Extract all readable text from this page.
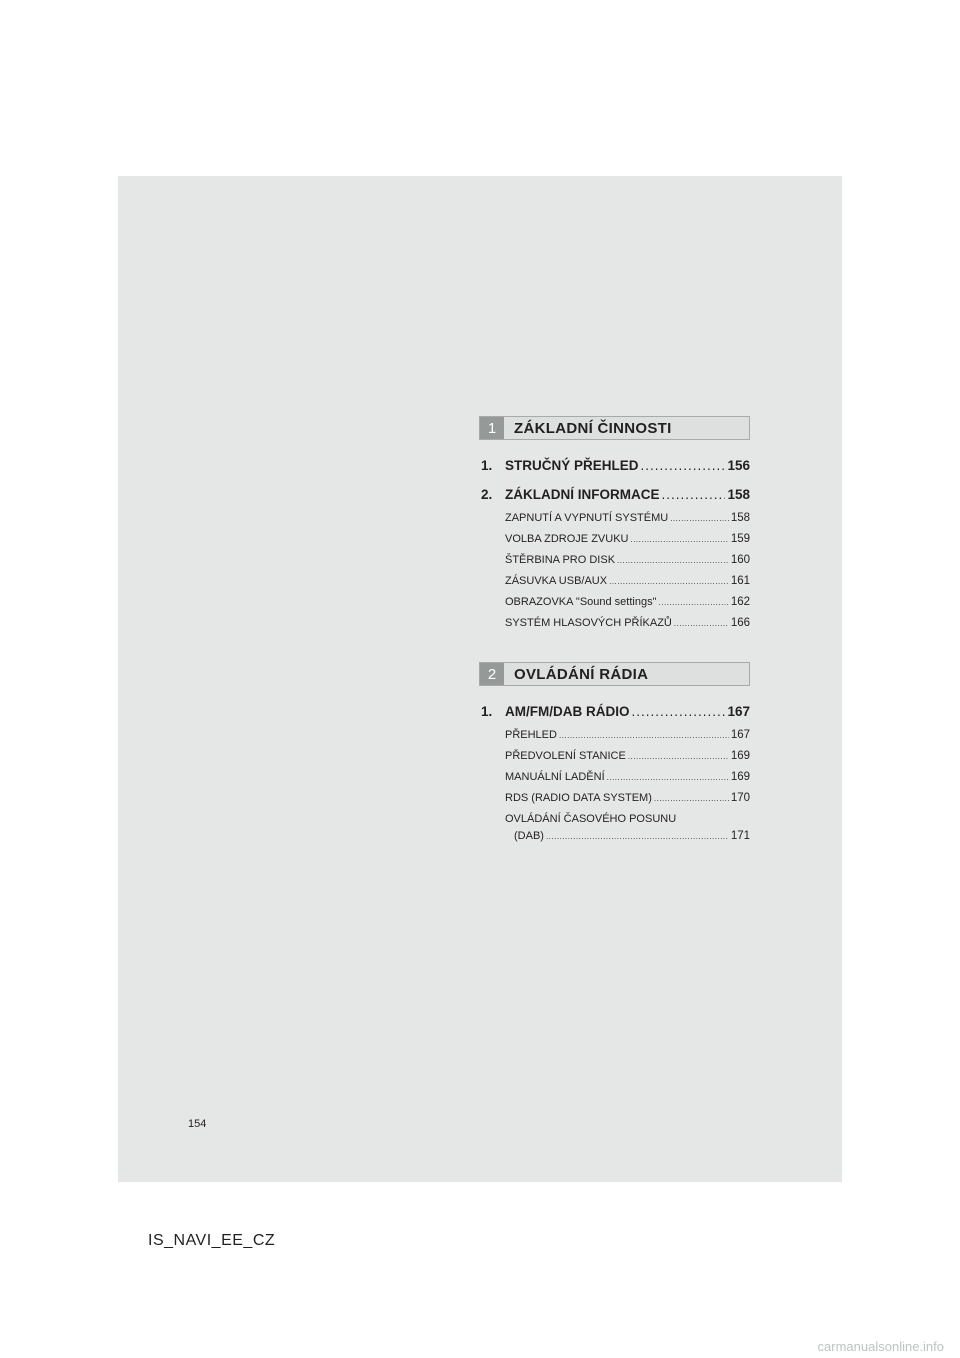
1	ZÁKLADNÍ ČINNOSTI
1. STRUČNÝ PŘEHLED .....	156
2. ZÁKLADNÍ INFORMACE .....	158
ZAPNUTÍ A VYPNUTÍ SYSTÉMU .....	158
VOLBA ZDROJE ZVUKU .....	159
ŠTĚRBINA PRO DISK .....	160
ZÁSUVKA USB/AUX .....	161
OBRAZOVKA "Sound settings" .....	162
SYSTÉM HLASOVÝCH PŘÍKAZŮ .....	166
2	OVLÁDÁNÍ RÁDIA
1. AM/FM/DAB RÁDIO .....	167
PŘEHLED .....	167
PŘEDVOLENÍ STANICE .....	169
MANUÁLNÍ LADĚNÍ .....	169
RDS (RADIO DATA SYSTEM) .....	170
OVLÁDÁNÍ ČASOVÉHO POSUNU
(DAB) .....	171
154
IS_NAVI_EE_CZ
carmanualsonline.info
